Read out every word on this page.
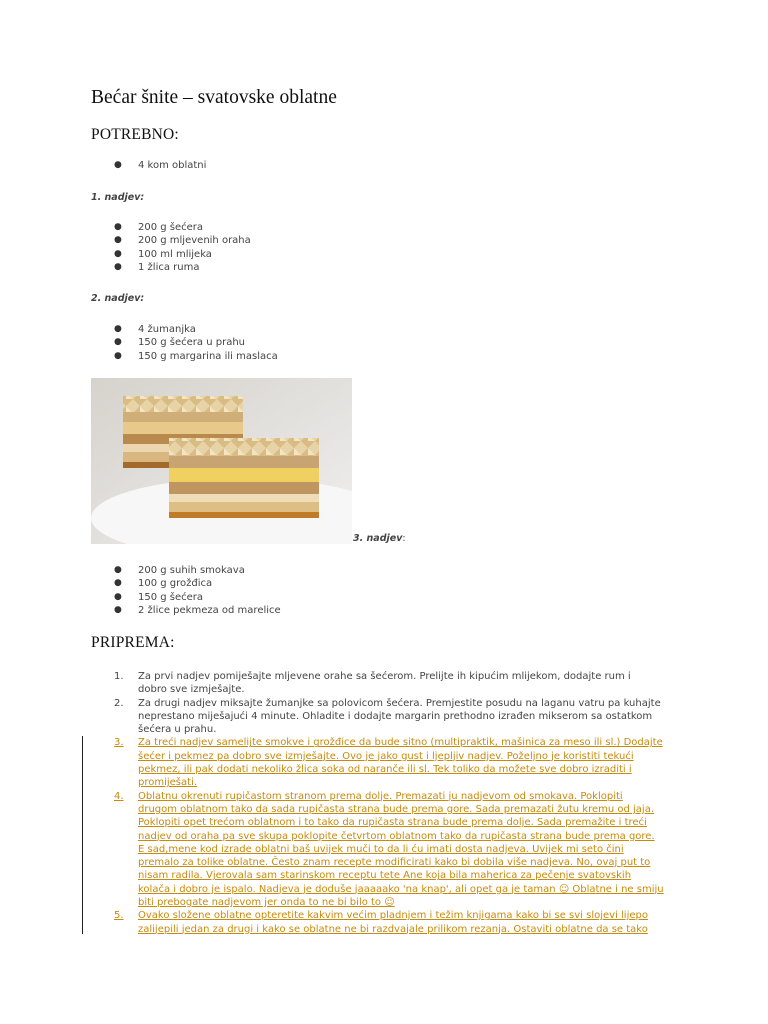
Bećar šnite – svatovske oblatne
POTREBNO:
● 4 kom oblatni

1. nadjev:

● 200 g šećera
● 200 g mljevenih oraha
● 100 ml mlijeka
● 1 žlica ruma

2. nadjev:

● 4 žumanjka
● 150 g šećera u prahu
● 150 g margarina ili maslaca
3. nadjev:
● 200 g suhih smokava
● 100 g grožđica
● 150 g šećera
● 2 žlice pekmeza od marelice
PRIPREMA:
1. Za prvi nadjev pomiješajte mljevene orahe sa šećerom. Prelijte ih kipućim mlijekom, dodajte rum i
dobro sve izmješajte.
2. Za drugi nadjev miksajte žumanjke sa polovicom šećera. Premjestite posudu na laganu vatru pa kuhajte
neprestano miješajući 4 minute. Ohladite i dodajte margarin prethodno izrađen mikserom sa ostatkom
šećera u prahu.
3. Za treći nadjev samelijte smokve i grožđice da bude sitno (multipraktik, mašinica za meso ili sl.) Dodajte
šećer i pekmez pa dobro sve izmješajte. Ovo je jako gust i ljepljiv nadjev. Poželjno je koristiti tekući
pekmez, ili pak dodati nekoliko žlica soka od naranče ili sl. Tek toliko da možete sve dobro izraditi i
promiješati.
4. Oblatnu okrenuti rupičastom stranom prema dolje. Premazati ju nadjevom od smokava. Poklopiti
drugom oblatnom tako da sada rupičasta strana bude prema gore. Sada premazati žutu kremu od jaja.
Poklopiti opet trećom oblatnom i to tako da rupičasta strana bude prema dolje. Sada premažite i treći
nadjev od oraha pa sve skupa poklopite četvrtom oblatnom tako da rupičasta strana bude prema gore.
E sad,mene kod izrade oblatni baš uvijek muči to da li ću imati dosta nadjeva. Uvijek mi seto čini
premalo za tolike oblatne. Često znam recepte modificirati kako bi dobila više nadjeva. No, ovaj put to
nisam radila. Vjerovala sam starinskom receptu tete Ane koja bila maherica za pečenje svatovskih
kolača i dobro je ispalo. Nadjeva je doduše jaaaaako 'na knap', ali opet ga je taman ☺ Oblatne i ne smiju
biti prebogate nadjevom jer onda to ne bi bilo to ☺
5. Ovako složene oblatne opteretite kakvim većim pladnjem i težim knjigama kako bi se svi slojevi lijepo
zalijepili jedan za drugi i kako se oblatne ne bi razdvajale prilikom rezanja. Ostaviti oblatne da se tako
